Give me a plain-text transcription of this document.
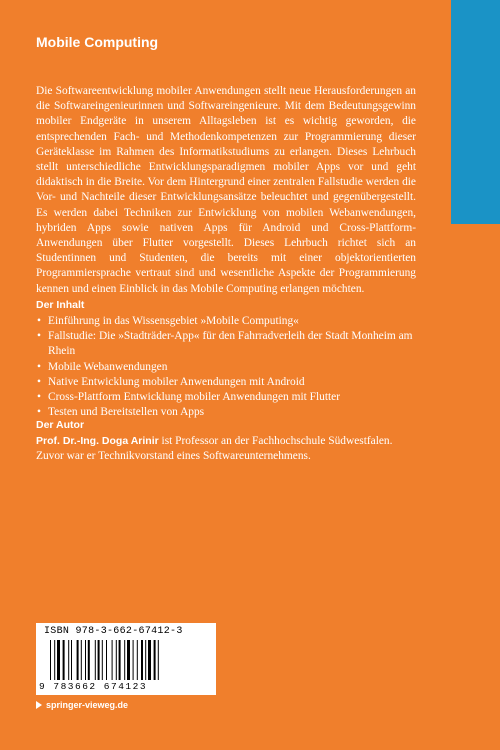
Mobile Computing

Die Softwareentwicklung mobiler Anwendungen stellt neue Herausforderungen an die Softwareingenieurinnen und Softwareingenieure. Mit dem Bedeutungsgewinn mobiler Endgeräte in unserem Alltagsleben ist es wichtig geworden, die entsprechenden Fach- und Methodenkompetenzen zur Programmierung dieser Geräteklasse im Rahmen des Informatikstudiums zu erlangen. Dieses Lehrbuch stellt unterschiedliche Entwicklungsparadigmen mobiler Apps vor und geht didaktisch in die Breite. Vor dem Hintergrund einer zentralen Fallstudie werden die Vor- und Nachteile dieser Entwicklungsansätze beleuchtet und gegenübergestellt. Es werden dabei Techniken zur Entwicklung von mobilen Webanwendungen, hybriden Apps sowie nativen Apps für Android und Cross-Plattform-Anwendungen über Flutter vorgestellt. Dieses Lehrbuch richtet sich an Studentinnen und Studenten, die bereits mit einer objektorientierten Programmiersprache vertraut sind und wesentliche Aspekte der Programmierung kennen und einen Einblick in das Mobile Computing erlangen möchten.

Der Inhalt
• Einführung in das Wissensgebiet »Mobile Computing«
• Fallstudie: Die »Stadträder-App« für den Fahrradverleih der Stadt Monheim am Rhein
• Mobile Webanwendungen
• Native Entwicklung mobiler Anwendungen mit Android
• Cross-Plattform Entwicklung mobiler Anwendungen mit Flutter
• Testen und Bereitstellen von Apps
Der Autor

Prof. Dr.-Ing. Doga Arinir ist Professor an der Fachhochschule Südwestfalen.
Zuvor war er Technikvorstand eines Softwareunternehmens.

ISBN 978-3-662-67412-3
9 783662 674123
springer-vieweg.de
